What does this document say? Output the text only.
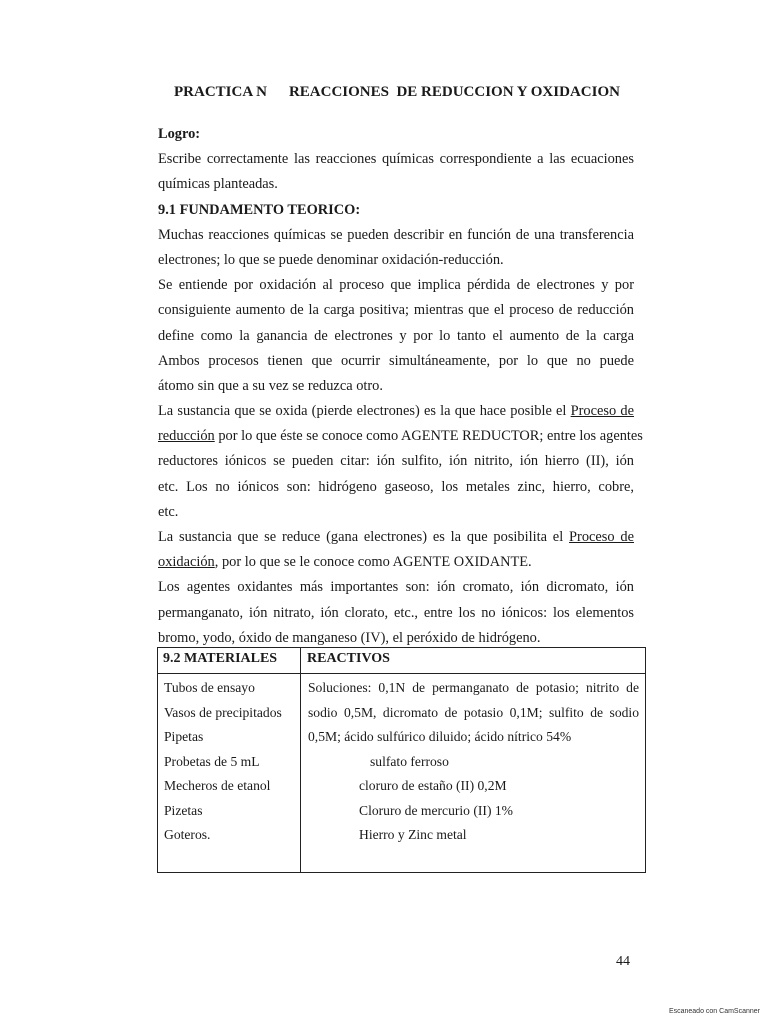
PRACTICA N REACCIONES  DE REDUCCION Y OXIDACION
Logro:
Escribe correctamente las reacciones químicas correspondiente a las ecuaciones
químicas planteadas.
9.1 FUNDAMENTO TEORICO:
Muchas reacciones químicas se pueden describir en función de una transferencia
electrones; lo que se puede denominar oxidación-reducción.
Se entiende por oxidación al proceso que implica pérdida de electrones y por
consiguiente aumento de la carga positiva; mientras que el proceso de reducción
define como la ganancia de electrones y por lo tanto el aumento de la carga
Ambos procesos tienen que ocurrir simultáneamente, por lo que no puede
átomo sin que a su vez se reduzca otro.
La sustancia que se oxida (pierde electrones) es la que hace posible el Proceso de
reducción por lo que éste se conoce como AGENTE REDUCTOR; entre los agentes
reductores iónicos se pueden citar: ión sulfito, ión nitrito, ión hierro (II), ión
etc. Los no iónicos son: hidrógeno gaseoso, los metales zinc, hierro, cobre,
etc.
La sustancia que se reduce (gana electrones) es la que posibilita el Proceso de
oxidación, por lo que se le conoce como AGENTE OXIDANTE.
Los agentes oxidantes más importantes son: ión cromato, ión dicromato, ión
permanganato, ión nitrato, ión clorato, etc., entre los no iónicos: los elementos
bromo, yodo, óxido de manganeso (IV), el peróxido de hidrógeno.
9.2 MATERIALES REACTIVOS
Tubos de ensayo
Vasos de precipitados
Pipetas
Probetas de 5 mL
Mecheros de etanol
Pizetas
Goteros.
Soluciones: 0,1N de permanganato de potasio; nitrito de
sodio 0,5M, dicromato de potasio 0,1M; sulfito de sodio
0,5M; ácido sulfúrico diluido; ácido nítrico 54%
sulfato ferroso
cloruro de estaño (II) 0,2M
Cloruro de mercurio (II) 1%
Hierro y Zinc metal
44
Escaneado con CamScanner
